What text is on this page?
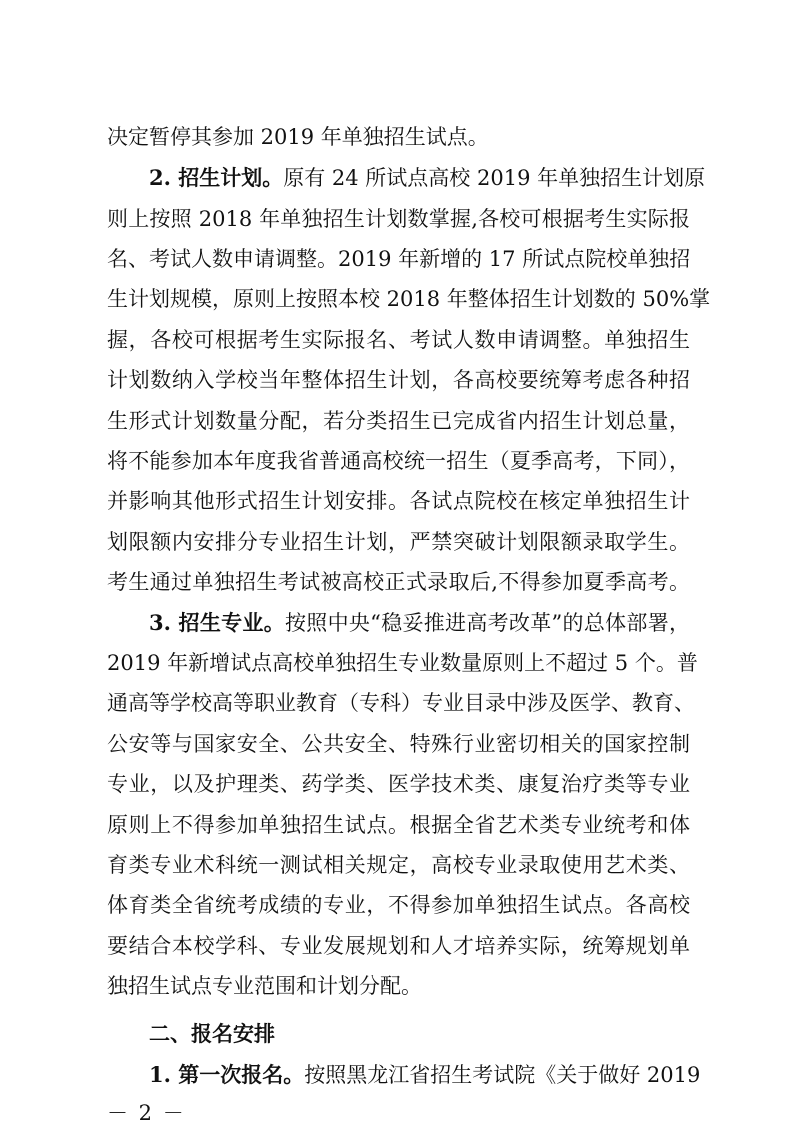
决定暂停其参加 2019 年单独招生试点。
2. 招生计划。原有 24 所试点高校 2019 年单独招生计划原
则上按照 2018 年单独招生计划数掌握,各校可根据考生实际报
名、考试人数申请调整。2019 年新增的 17 所试点院校单独招
生计划规模，原则上按照本校 2018 年整体招生计划数的 50%掌
握，各校可根据考生实际报名、考试人数申请调整。单独招生
计划数纳入学校当年整体招生计划，各高校要统筹考虑各种招
生形式计划数量分配，若分类招生已完成省内招生计划总量，
将不能参加本年度我省普通高校统一招生（夏季高考，下同），
并影响其他形式招生计划安排。各试点院校在核定单独招生计
划限额内安排分专业招生计划，严禁突破计划限额录取学生。
考生通过单独招生考试被高校正式录取后,不得参加夏季高考。
3. 招生专业。按照中央“稳妥推进高考改革”的总体部署，
2019 年新增试点高校单独招生专业数量原则上不超过 5 个。普
通高等学校高等职业教育（专科）专业目录中涉及医学、教育、
公安等与国家安全、公共安全、特殊行业密切相关的国家控制
专业，以及护理类、药学类、医学技术类、康复治疗类等专业
原则上不得参加单独招生试点。根据全省艺术类专业统考和体
育类专业术科统一测试相关规定，高校专业录取使用艺术类、
体育类全省统考成绩的专业，不得参加单独招生试点。各高校
要结合本校学科、专业发展规划和人才培养实际，统筹规划单
独招生试点专业范围和计划分配。
二、报名安排
1. 第一次报名。按照黑龙江省招生考试院《关于做好 2019
－ 2 －
